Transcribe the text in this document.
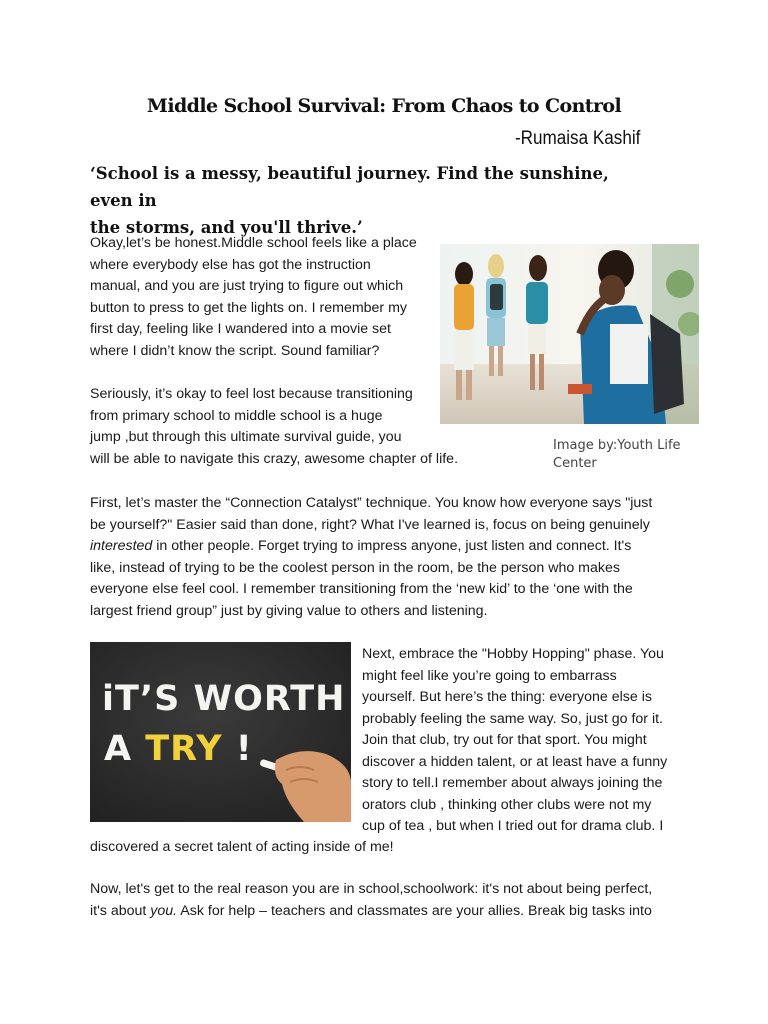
Middle School Survival: From Chaos to Control
-Rumaisa Kashif
‘School is a messy, beautiful journey. Find the sunshine, even in
the storms, and you'll thrive.’
Okay,let’s be honest.Middle school feels like a place
where everybody else has got the instruction
manual, and you are just trying to figure out which
button to press to get the lights on. I remember my
first day, feeling like I wandered into a movie set
where I didn’t know the script. Sound familiar?
Seriously, it’s okay to feel lost because transitioning
from primary school to middle school is a huge
jump ,but through this ultimate survival guide, you
will be able to navigate this crazy, awesome chapter of life.
Image by:Youth Life
Center
First, let’s master the “Connection Catalyst” technique. You know how everyone says "just
be yourself?" Easier said than done, right? What I've learned is, focus on being genuinely
interested in other people. Forget trying to impress anyone, just listen and connect. It's
like, instead of trying to be the coolest person in the room, be the person who makes
everyone else feel cool. I remember transitioning from the ‘new kid’ to the ‘one with the
largest friend group” just by giving value to others and listening.
iT’S WORTH
A TRY !
Next, embrace the "Hobby Hopping" phase. You
might feel like you’re going to embarrass
yourself. But here’s the thing: everyone else is
probably feeling the same way. So, just go for it.
Join that club, try out for that sport. You might
discover a hidden talent, or at least have a funny
story to tell.I remember about always joining the
orators club , thinking other clubs were not my
cup of tea , but when I tried out for drama club. I
discovered a secret talent of acting inside of me!
Now, let's get to the real reason you are in school,schoolwork: it's not about being perfect,
it's about you. Ask for help – teachers and classmates are your allies. Break big tasks into
